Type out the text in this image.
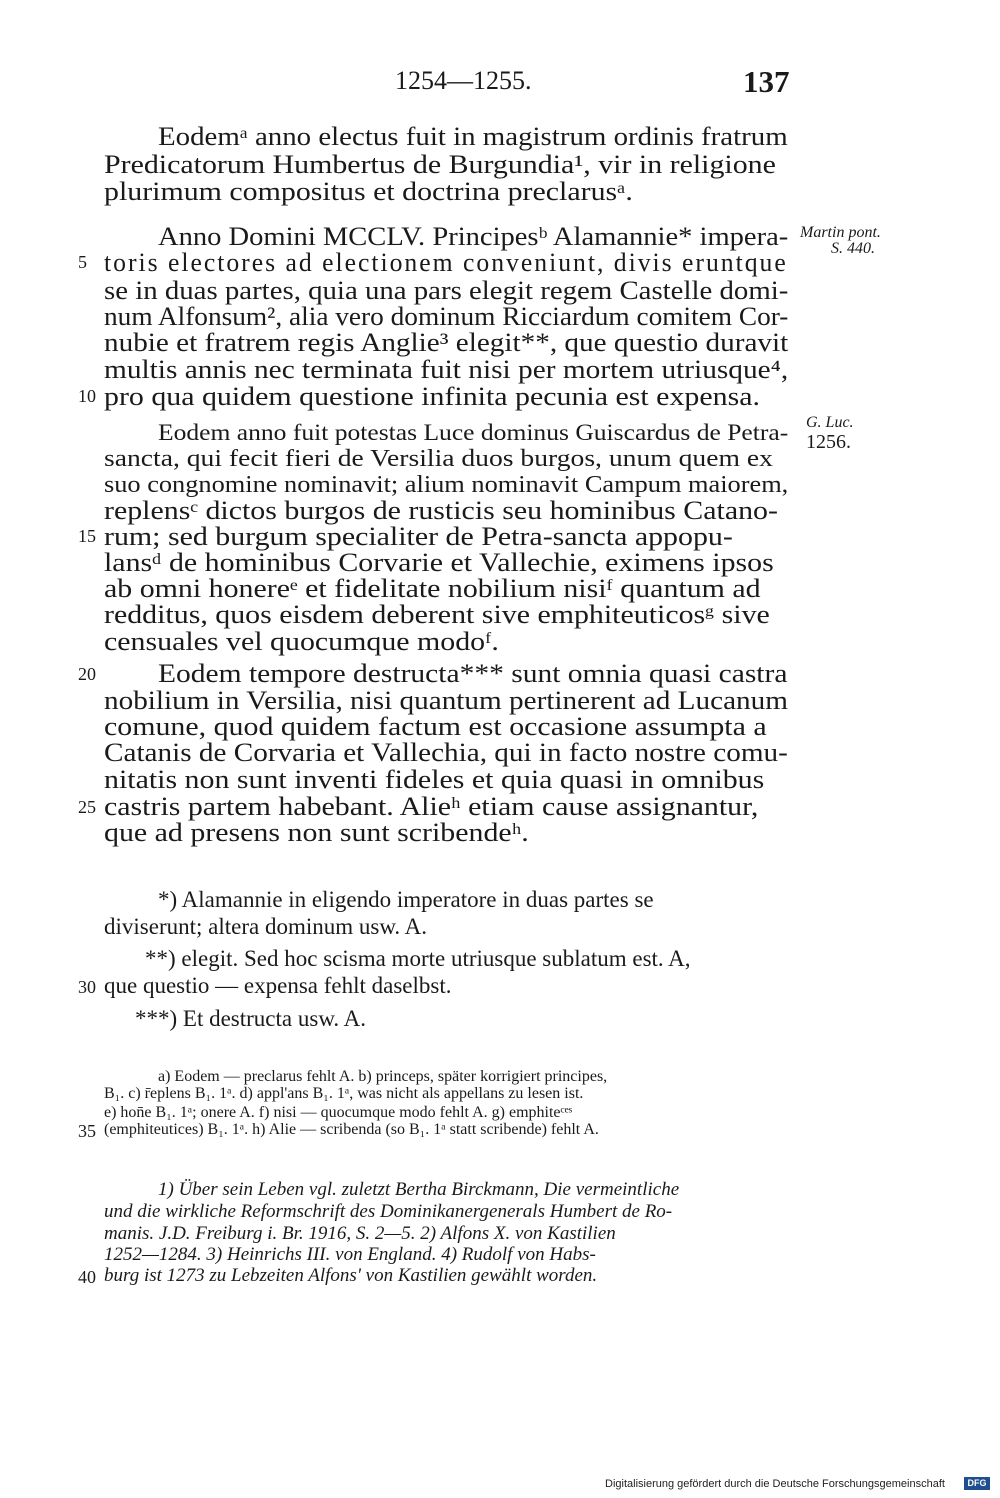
1254—1255.	137
Eodemᵃ anno electus fuit in magistrum ordinis fratrum
Predicatorum Humbertus de Burgundia¹, vir in religione
plurimum compositus et doctrina preclarusᵃ.
Anno Domini MCCLV. Principesᵇ Alamannie* impera-
toris electores ad electionem conveniunt, divis eruntque
se in duas partes, quia una pars elegit regem Castelle domi-
num Alfonsum², alia vero dominum Ricciardum comitem Cor-
nubie et fratrem regis Anglie³ elegit**, que questio duravit
multis annis nec terminata fuit nisi per mortem utriusque⁴,
pro qua quidem questione infinita pecunia est expensa.
Eodem anno fuit potestas Luce dominus Guiscardus de Petra-
sancta, qui fecit fieri de Versilia duos burgos, unum quem ex
suo congnomine nominavit; alium nominavit Campum maiorem,
replensᶜ dictos burgos de rusticis seu hominibus Catano-
rum; sed burgum specialiter de Petra-sancta appopu-
lansᵈ de hominibus Corvarie et Vallechie, eximens ipsos
ab omni honereᵉ et fidelitate nobilium nisiᶠ quantum ad
redditus, quos eisdem deberent sive emphiteuticosᵍ sive
censuales vel quocumque modoᶠ.
Eodem tempore destructa*** sunt omnia quasi castra
nobilium in Versilia, nisi quantum pertinerent ad Lucanum
comune, quod quidem factum est occasione assumpta a
Catanis de Corvaria et Vallechia, qui in facto nostre comu-
nitatis non sunt inventi fideles et quia quasi in omnibus
castris partem habebant. Alieʰ etiam cause assignantur,
que ad presens non sunt scribendeʰ.
5
10
15
20
25
30
35
40
Martin pont.
S. 440.
G. Luc.
1256.
*) Alamannie in eligendo imperatore in duas partes se
diviserunt; altera dominum usw. A.
**) elegit. Sed hoc scisma morte utriusque sublatum est. A,
que questio — expensa fehlt daselbst.
***) Et destructa usw. A.
a) Eodem — preclarus fehlt A. b) princeps, später korrigiert principes,
B₁. c) r̄eplens B₁. 1ᵃ. d) appl'ans B₁. 1ᵃ, was nicht als appellans zu lesen ist.
e) hon̄e B₁. 1ᵃ; onere A. f) nisi — quocumque modo fehlt A. g) emphiteᶜᵉˢ
(emphiteutices) B₁. 1ᵃ. h) Alie — scribenda (so B₁. 1ᵃ statt scribende) fehlt A.
1) Über sein Leben vgl. zuletzt Bertha Birckmann, Die vermeintliche
und die wirkliche Reformschrift des Dominikanergenerals Humbert de Ro-
manis. J.D. Freiburg i. Br. 1916, S. 2—5. 2) Alfons X. von Kastilien
1252—1284. 3) Heinrichs III. von England. 4) Rudolf von Habs-
burg ist 1273 zu Lebzeiten Alfons' von Kastilien gewählt worden.
Digitalisierung gefördert durch die Deutsche Forschungsgemeinschaft	DFG
